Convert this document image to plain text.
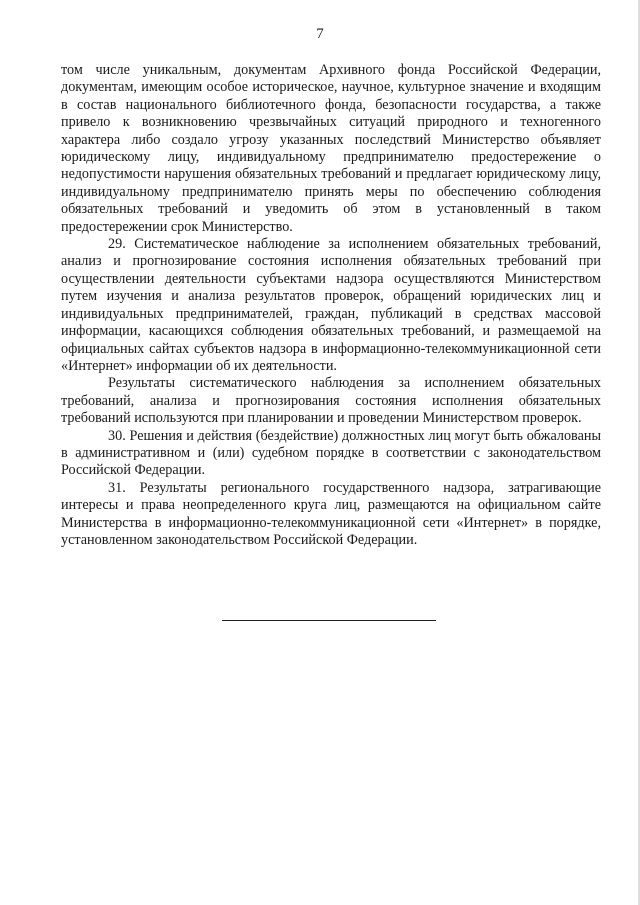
7

том числе уникальным, документам Архивного фонда Российской Федерации, документам, имеющим особое историческое, научное, культурное значение и входящим в состав национального библиотечного фонда, безопасности государства, а также привело к возникновению чрезвычайных ситуаций природного и техногенного характера либо создало угрозу указанных последствий Министерство объявляет юридическому лицу, индивидуальному предпринимателю предостережение о недопустимости нарушения обязательных требований и предлагает юридическому лицу, индивидуальному предпринимателю принять меры по обеспечению соблюдения обязательных требований и уведомить об этом в установленный в таком предостережении срок Министерство.

29. Систематическое наблюдение за исполнением обязательных требований, анализ и прогнозирование состояния исполнения обязательных требований при осуществлении деятельности субъектами надзора осуществляются Министерством путем изучения и анализа результатов проверок, обращений юридических лиц и индивидуальных предпринимателей, граждан, публикаций в средствах массовой информации, касающихся соблюдения обязательных требований, и размещаемой на официальных сайтах субъектов надзора в информационно-телекоммуникационной сети «Интернет» информации об их деятельности.

Результаты систематического наблюдения за исполнением обязательных требований, анализа и прогнозирования состояния исполнения обязательных требований используются при планировании и проведении Министерством проверок.

30. Решения и действия (бездействие) должностных лиц могут быть обжалованы в административном и (или) судебном порядке в соответствии с законодательством Российской Федерации.

31. Результаты регионального государственного надзора, затрагивающие интересы и права неопределенного круга лиц, размещаются на официальном сайте Министерства в информационно-телекоммуникационной сети «Интернет» в порядке, установленном законодательством Российской Федерации.
